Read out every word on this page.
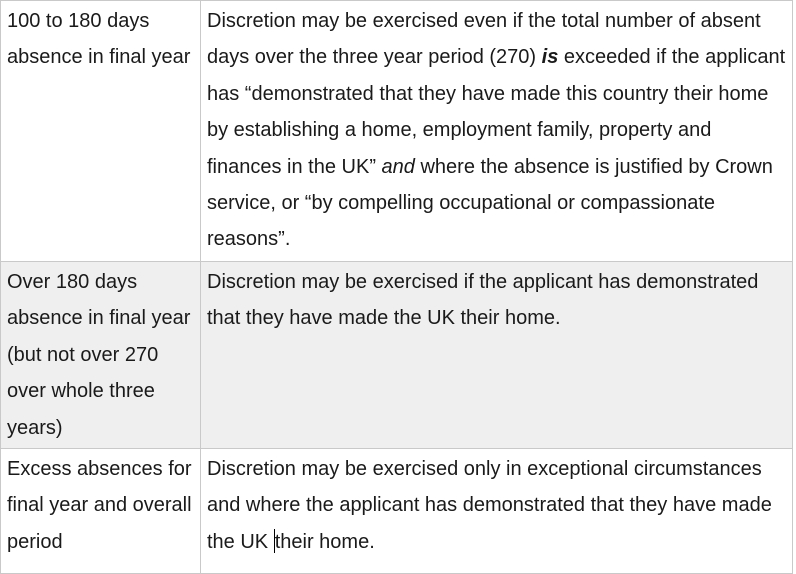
100 to 180 days absence in final year	Discretion may be exercised even if the total number of absent days over the three year period (270) is exceeded if the applicant has “demonstrated that they have made this country their home by establishing a home, employment family, property and finances in the UK” and where the absence is justified by Crown service, or “by compelling occupational or compassionate reasons”.
Over 180 days absence in final year (but not over 270 over whole three years)	Discretion may be exercised if the applicant has demonstrated that they have made the UK their home.
Excess absences for final year and overall period	Discretion may be exercised only in exceptional circumstances and where the applicant has demonstrated that they have made the UK their home.
